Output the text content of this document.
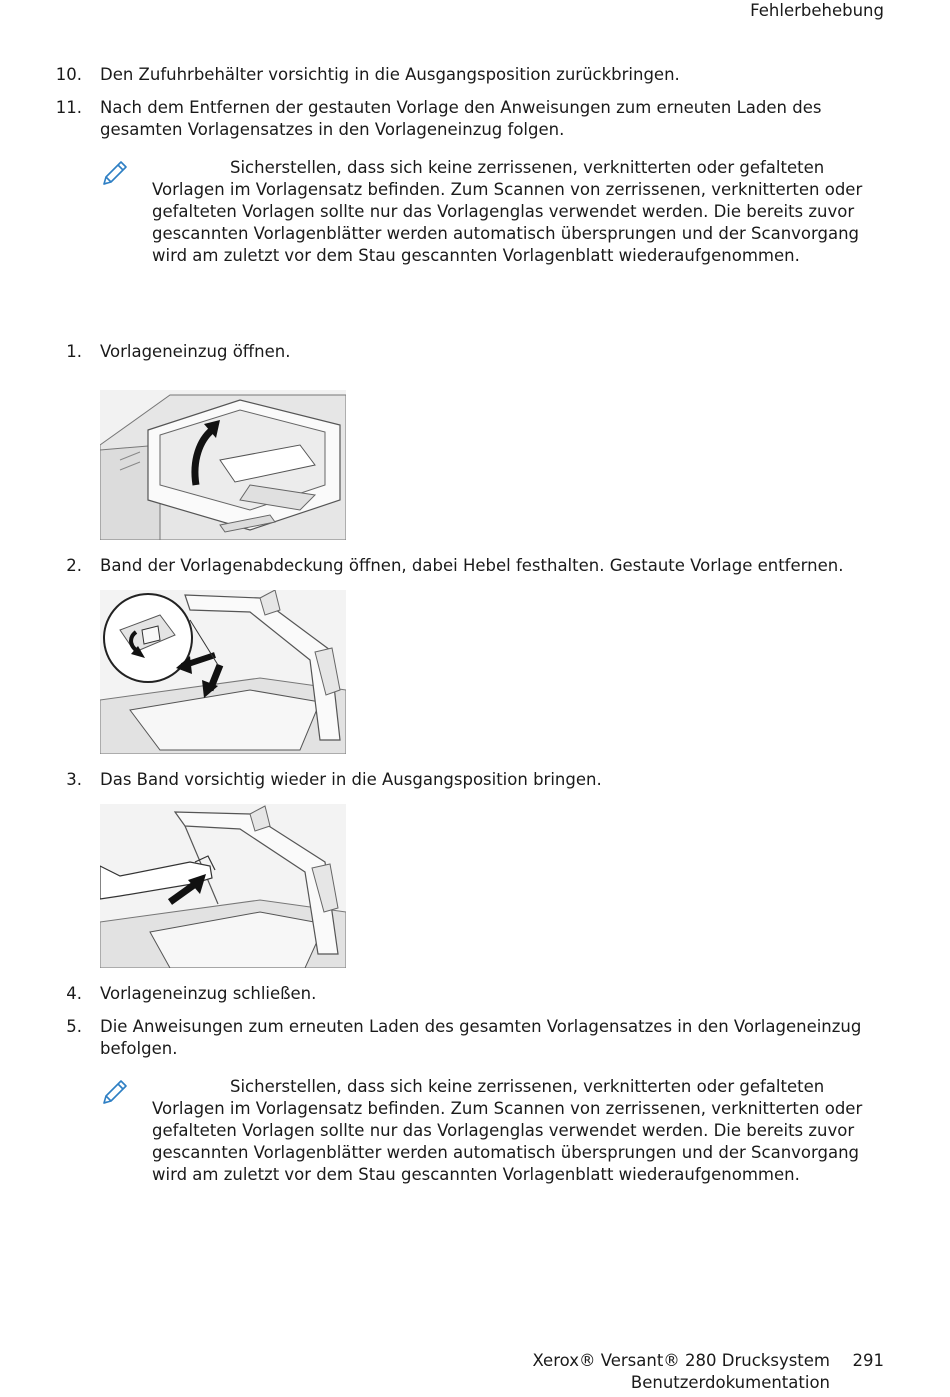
Fehlerbehebung
10. Den Zufuhrbehälter vorsichtig in die Ausgangsposition zurückbringen.
11. Nach dem Entfernen der gestauten Vorlage den Anweisungen zum erneuten Laden des
gesamten Vorlagensatzes in den Vorlageneinzug folgen.
Sicherstellen, dass sich keine zerrissenen, verknitterten oder gefalteten
Vorlagen im Vorlagensatz befinden. Zum Scannen von zerrissenen, verknitterten oder
gefalteten Vorlagen sollte nur das Vorlagenglas verwendet werden. Die bereits zuvor
gescannten Vorlagenblätter werden automatisch übersprungen und der Scanvorgang
wird am zuletzt vor dem Stau gescannten Vorlagenblatt wiederaufgenommen.
1. Vorlageneinzug öffnen.
2. Band der Vorlagenabdeckung öffnen, dabei Hebel festhalten. Gestaute Vorlage entfernen.
3. Das Band vorsichtig wieder in die Ausgangsposition bringen.
4. Vorlageneinzug schließen.
5. Die Anweisungen zum erneuten Laden des gesamten Vorlagensatzes in den Vorlageneinzug
befolgen.
Sicherstellen, dass sich keine zerrissenen, verknitterten oder gefalteten
Vorlagen im Vorlagensatz befinden. Zum Scannen von zerrissenen, verknitterten oder
gefalteten Vorlagen sollte nur das Vorlagenglas verwendet werden. Die bereits zuvor
gescannten Vorlagenblätter werden automatisch übersprungen und der Scanvorgang
wird am zuletzt vor dem Stau gescannten Vorlagenblatt wiederaufgenommen.
Xerox® Versant® 280 Drucksystem
Benutzerdokumentation
291
